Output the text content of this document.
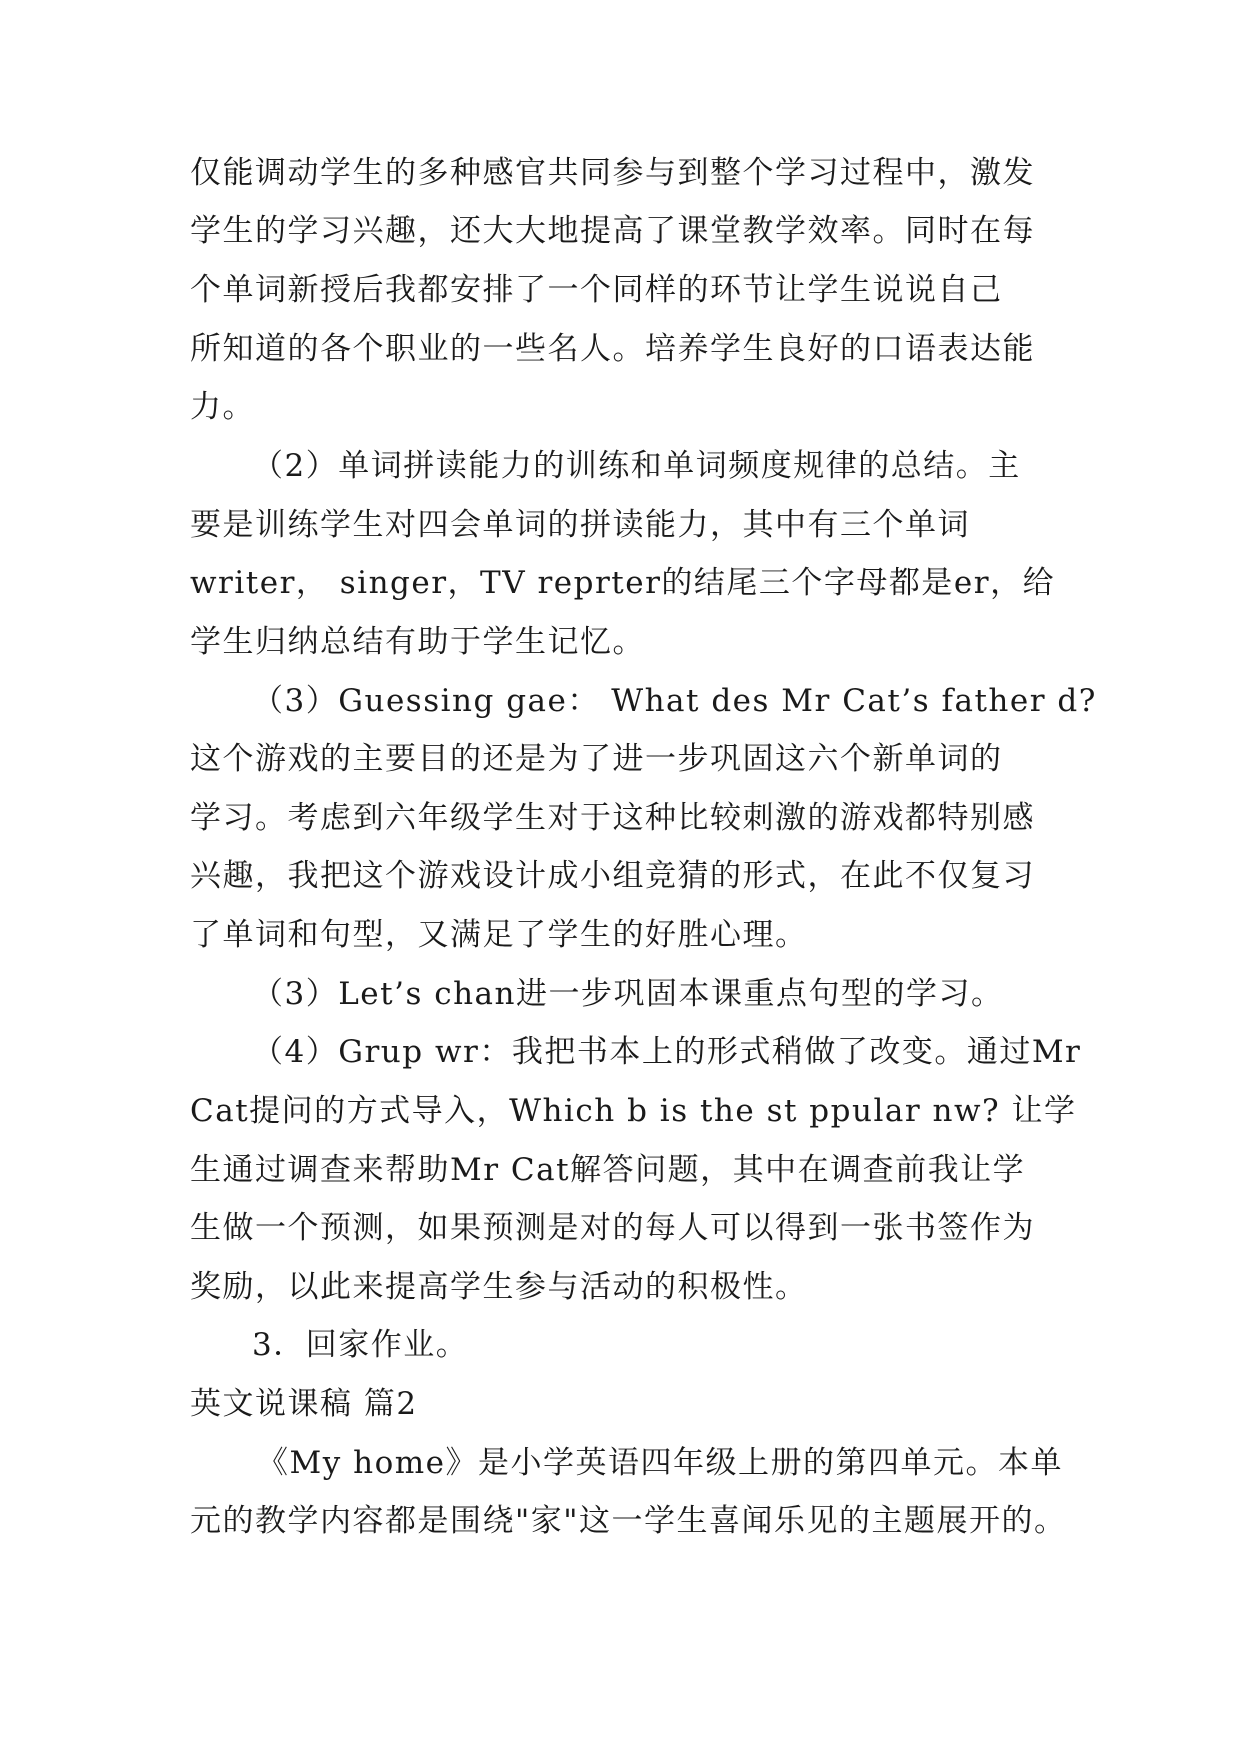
仅能调动学生的多种感官共同参与到整个学习过程中，激发
学生的学习兴趣，还大大地提高了课堂教学效率。同时在每
个单词新授后我都安排了一个同样的环节让学生说说自己
所知道的各个职业的一些名人。培养学生良好的口语表达能
力。
（2）单词拼读能力的训练和单词频度规律的总结。主
要是训练学生对四会单词的拼读能力，其中有三个单词
writer， singer，TV reprter的结尾三个字母都是er，给
学生归纳总结有助于学生记忆。
（3）Guessing gae： What des Mr Cat’s father d?
这个游戏的主要目的还是为了进一步巩固这六个新单词的
学习。考虑到六年级学生对于这种比较刺激的游戏都特别感
兴趣，我把这个游戏设计成小组竞猜的形式，在此不仅复习
了单词和句型，又满足了学生的好胜心理。
（3）Let’s chan进一步巩固本课重点句型的学习。
（4）Grup wr：我把书本上的形式稍做了改变。通过Mr
Cat提问的方式导入，Which b is the st ppular nw? 让学
生通过调查来帮助Mr Cat解答问题，其中在调查前我让学
生做一个预测，如果预测是对的每人可以得到一张书签作为
奖励，以此来提高学生参与活动的积极性。
3．回家作业。
英文说课稿 篇2
《My home》是小学英语四年级上册的第四单元。本单
元的教学内容都是围绕"家"这一学生喜闻乐见的主题展开的。
